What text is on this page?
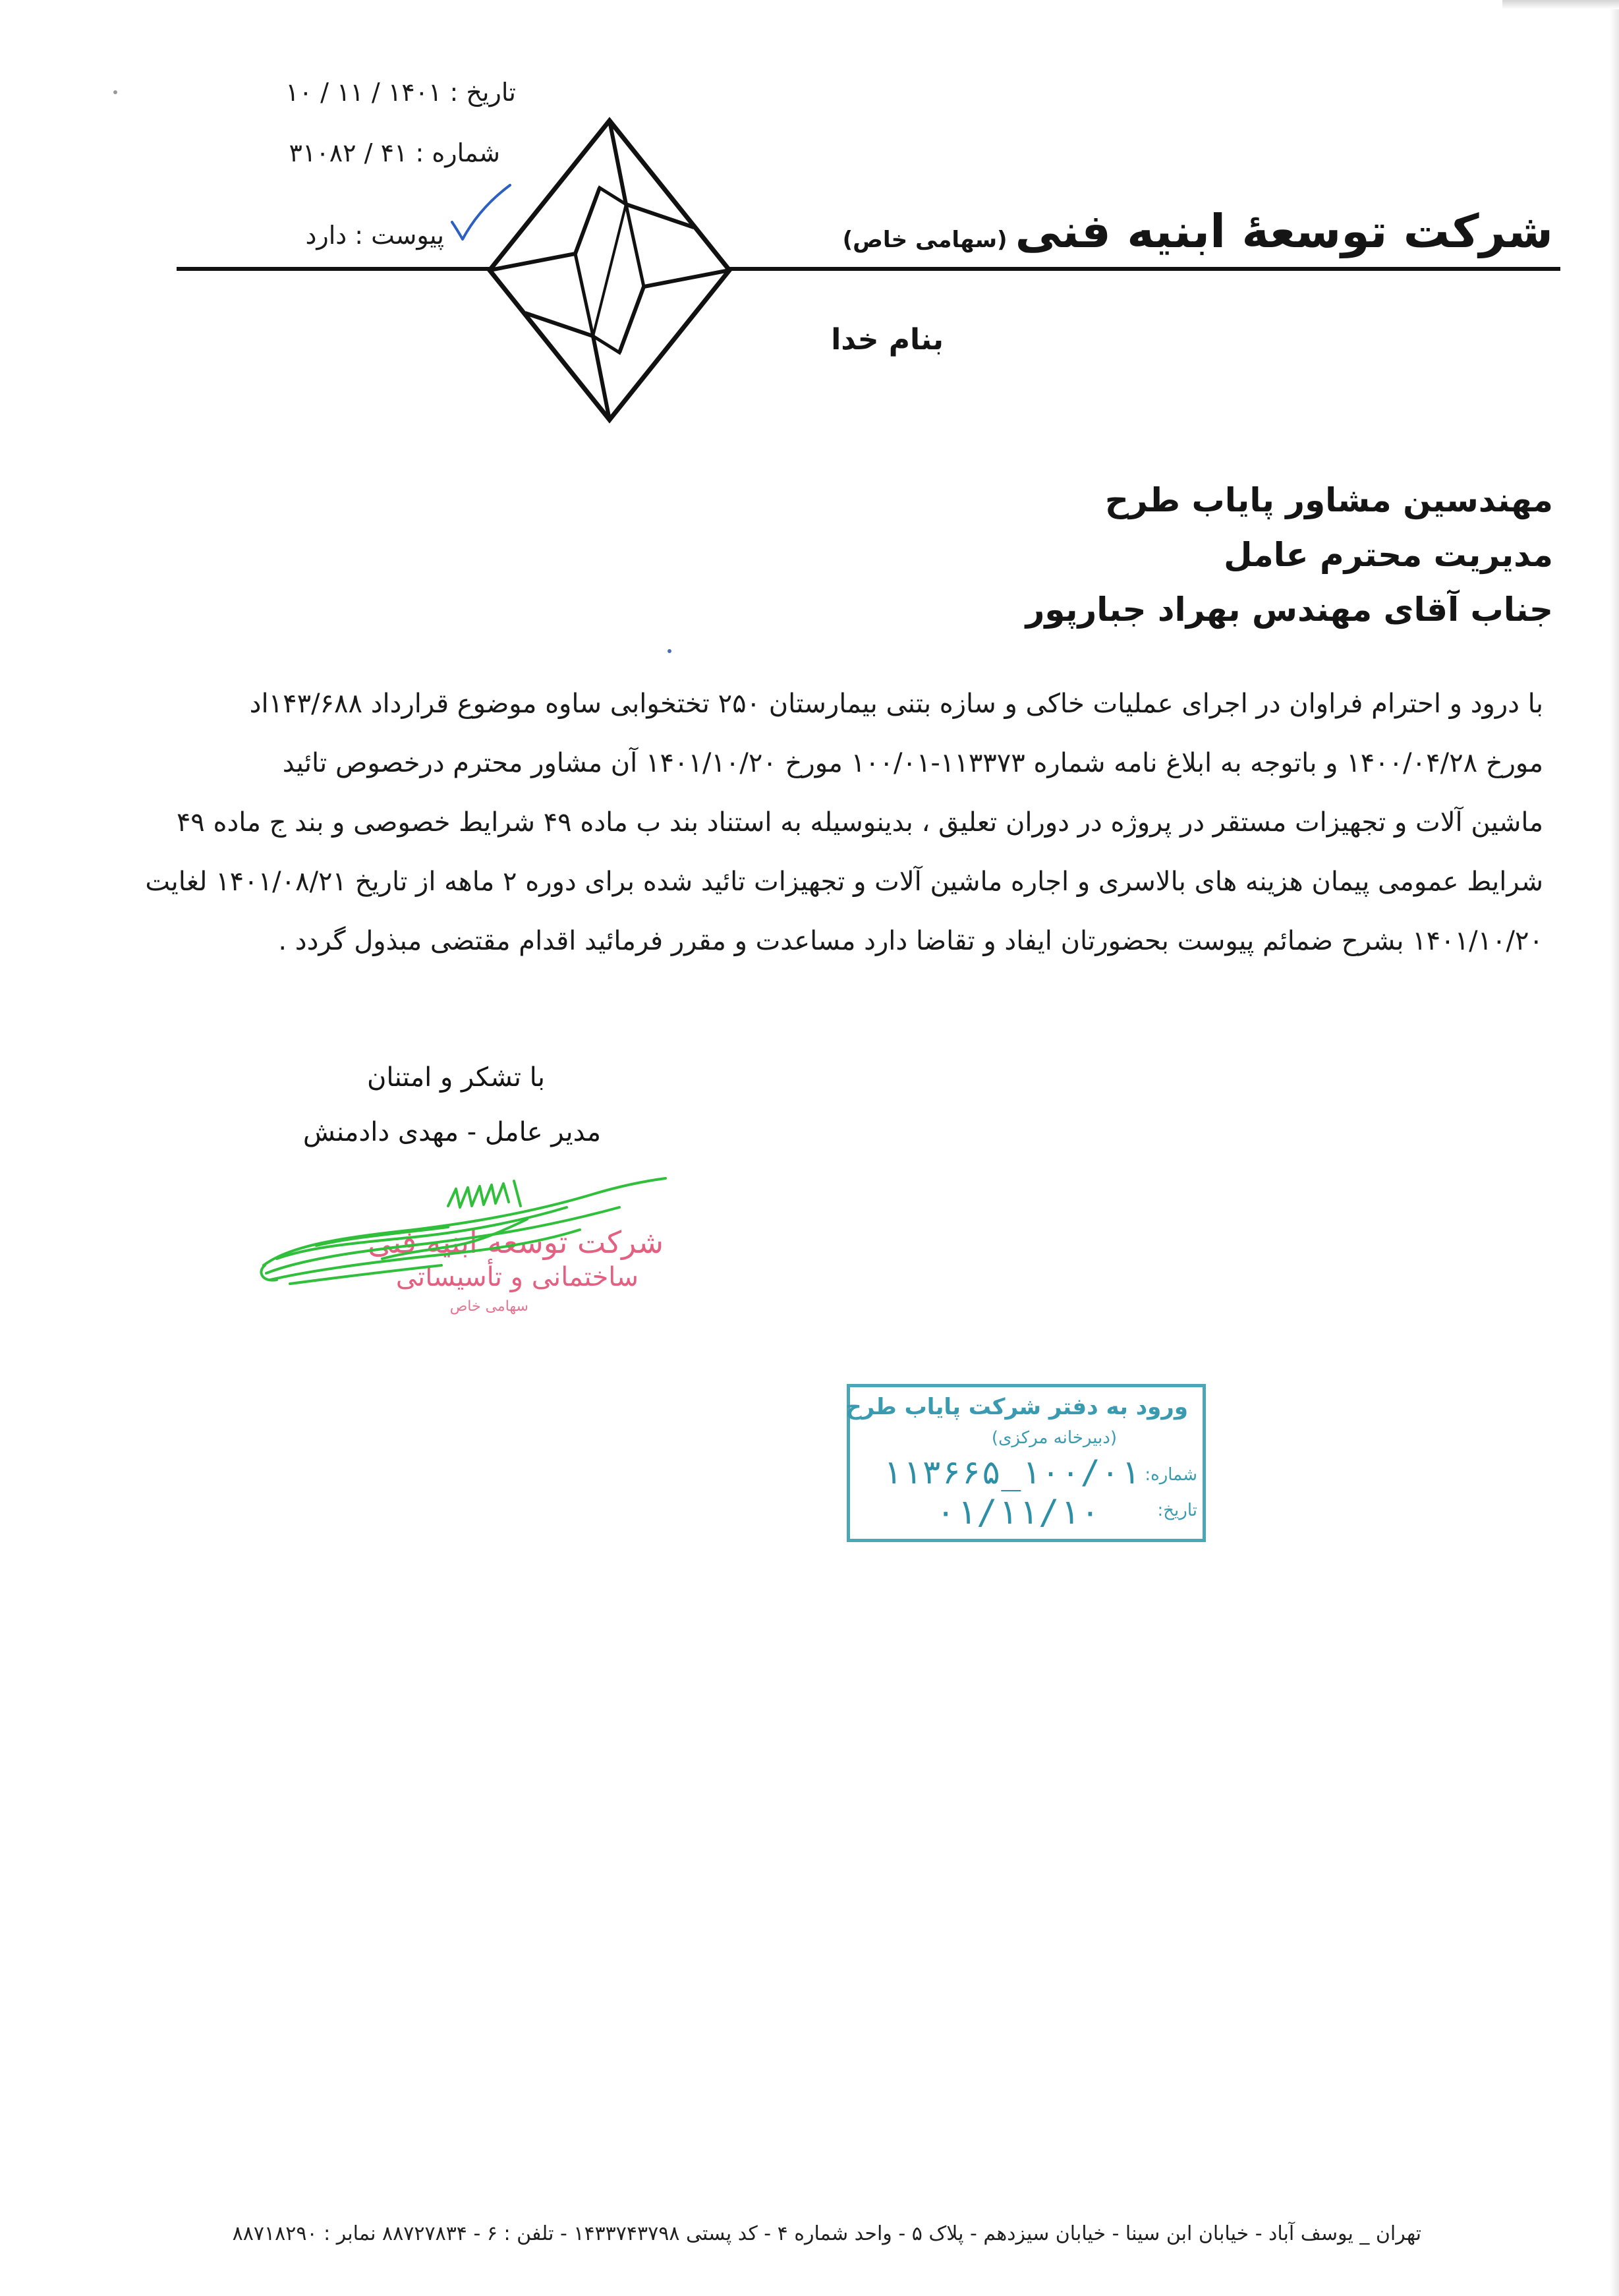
تاریخ : ۱۴۰۱ / ۱۱ / ۱۰
شماره : ۴۱ / ۳۱۰۸۲
پیوست : دارد	شرکت توسعۀ ابنیه فنی(سهامی خاص)
بنام خدا
مهندسین مشاور پایاب طرح
مدیریت محترم عامل
جناب آقای مهندس بهراد جبارپور
با درود و احترام فراوان در اجرای عملیات خاکی و سازه بتنی بیمارستان ۲۵۰ تختخوابی ساوه موضوع قرارداد ۱۴۳/۶۸۸اد
مورخ ۱۴۰۰/۰۴/۲۸ و باتوجه به ابلاغ نامه شماره ۱۱۳۳۷۳-۱۰۰/۰۱ مورخ ۱۴۰۱/۱۰/۲۰ آن مشاور محترم درخصوص تائید
ماشین آلات و تجهیزات مستقر در پروژه در دوران تعلیق ، بدینوسیله به استناد بند ب ماده ۴۹ شرایط خصوصی و بند ج ماده ۴۹
شرایط عمومی پیمان هزینه های بالاسری و اجاره ماشین آلات و تجهیزات تائید شده برای دوره ۲ ماهه از تاریخ ۱۴۰۱/۰۸/۲۱ لغایت
۱۴۰۱/۱۰/۲۰ بشرح ضمائم پیوست بحضورتان ایفاد و تقاضا دارد مساعدت و مقرر فرمائید اقدام مقتضی مبذول گردد .
با تشکر و امتنان
مدیر عامل - مهدی دادمنش
شرکت توسعه ابنیه فنی
ساختمانی و تأسیساتی
سهامی خاص
ورود به دفتر شرکت پایاب طرح
(دبیرخانه مرکزی)
شماره:
۱۰۰/۰۱_۱۱۳۶۶۵
تاریخ:
۰۱/۱۱/۱۰
تهران _ یوسف آباد - خیابان ابن سینا - خیابان سیزدهم - پلاک ۵ - واحد شماره ۴ - کد پستی ۱۴۳۳۷۴۳۷۹۸ - تلفن : ۶ - ۸۸۷۲۷۸۳۴ نمابر : ۸۸۷۱۸۲۹۰
